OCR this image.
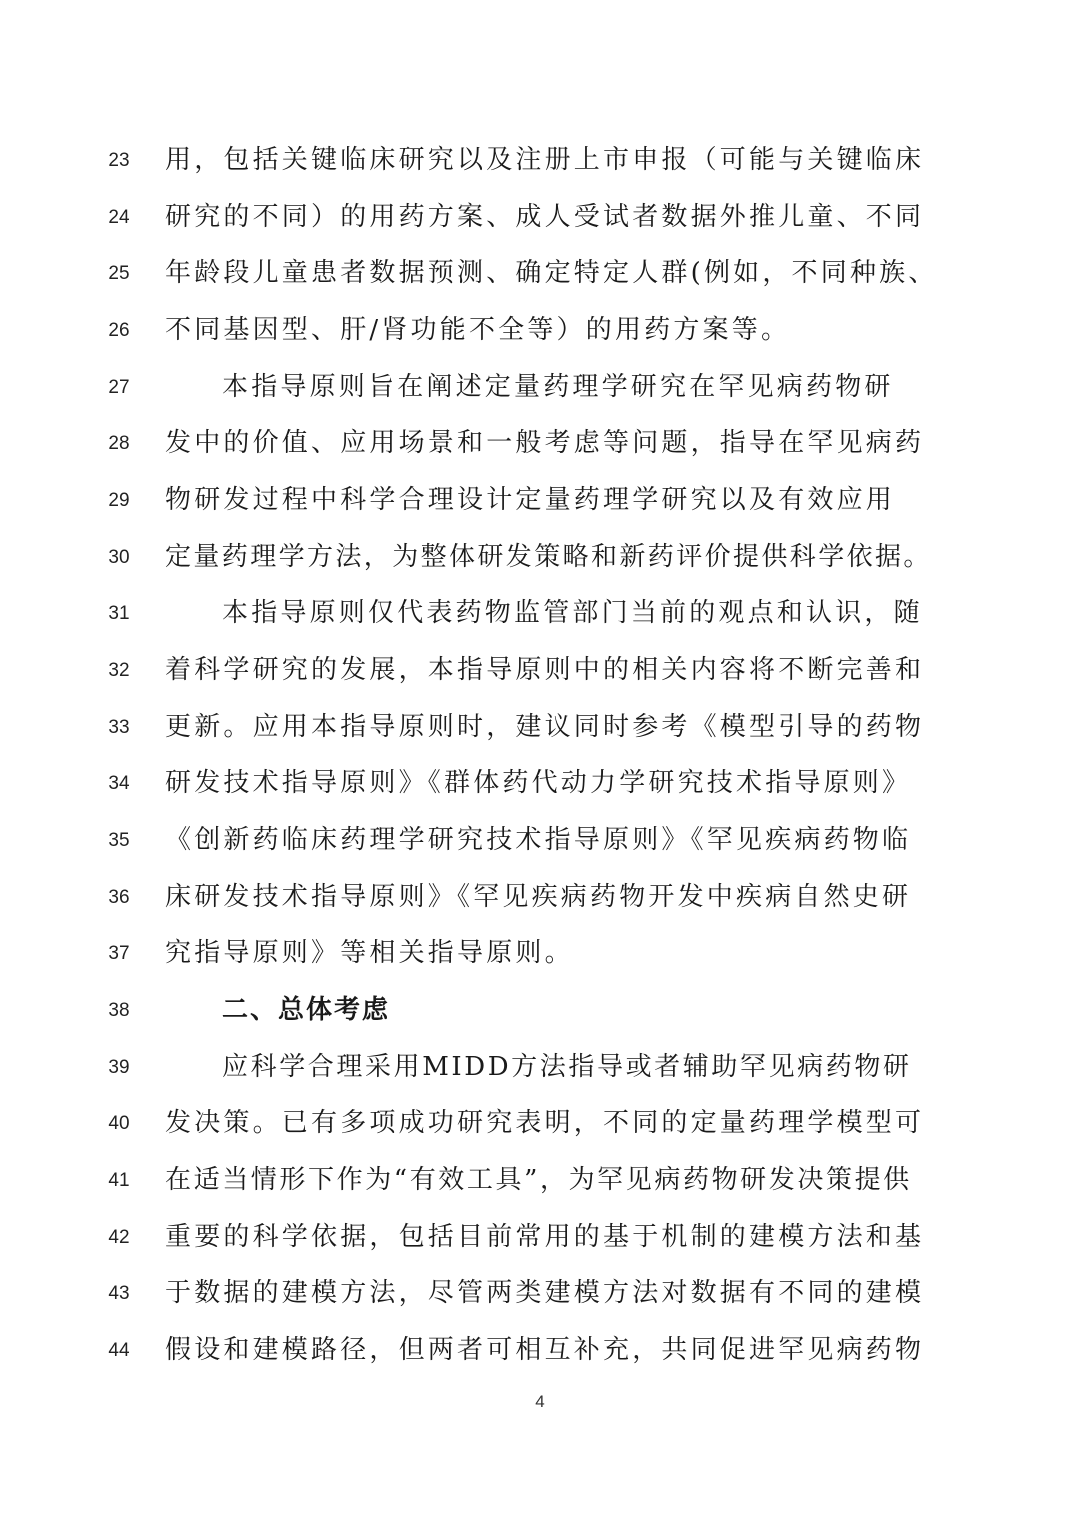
23	用，包括关键临床研究以及注册上市申报（可能与关键临床
24	研究的不同）的用药方案、成人受试者数据外推儿童、不同
25	年龄段儿童患者数据预测、确定特定人群(例如，不同种族、
26	不同基因型、肝/肾功能不全等）的用药方案等。
27	本指导原则旨在阐述定量药理学研究在罕见病药物研
28	发中的价值、应用场景和一般考虑等问题，指导在罕见病药
29	物研发过程中科学合理设计定量药理学研究以及有效应用
30	定量药理学方法，为整体研发策略和新药评价提供科学依据。
31	本指导原则仅代表药物监管部门当前的观点和认识，随
32	着科学研究的发展，本指导原则中的相关内容将不断完善和
33	更新。应用本指导原则时，建议同时参考《模型引导的药物
34	研发技术指导原则》《群体药代动力学研究技术指导原则》
35	《创新药临床药理学研究技术指导原则》《罕见疾病药物临
36	床研发技术指导原则》《罕见疾病药物开发中疾病自然史研
37	究指导原则》等相关指导原则。
38	二、总体考虑
39	应科学合理采用MIDD方法指导或者辅助罕见病药物研
40	发决策。已有多项成功研究表明，不同的定量药理学模型可
41	在适当情形下作为“有效工具”，为罕见病药物研发决策提供
42	重要的科学依据，包括目前常用的基于机制的建模方法和基
43	于数据的建模方法，尽管两类建模方法对数据有不同的建模
44	假设和建模路径，但两者可相互补充，共同促进罕见病药物
4
